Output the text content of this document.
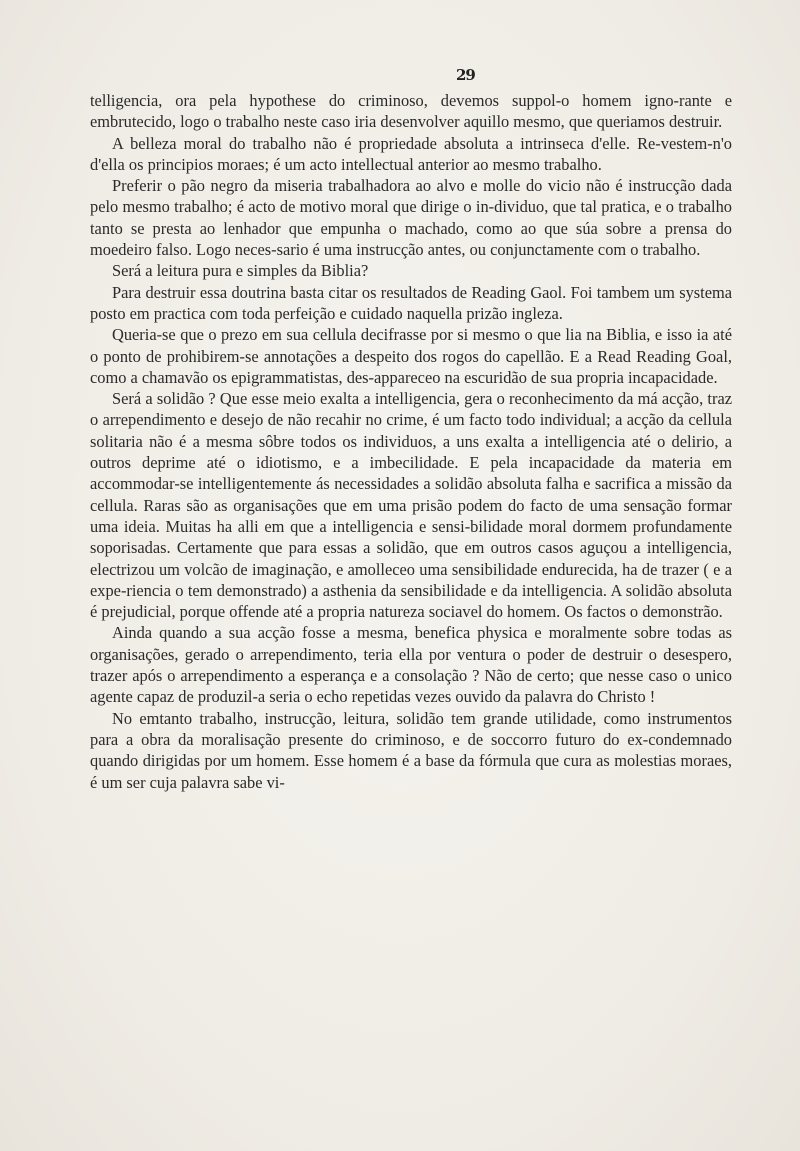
29

telligencia, ora pela hypothese do criminoso, devemos suppol-o homem igno-rante e embrutecido, logo o trabalho neste caso iria desenvolver aquillo mesmo, que queriamos destruir.

A belleza moral do trabalho não é propriedade absoluta a intrinseca d'elle. Re-vestem-n'o d'ella os principios moraes; é um acto intellectual anterior ao mesmo trabalho.

Preferir o pão negro da miseria trabalhadora ao alvo e molle do vicio não é instrucção dada pelo mesmo trabalho; é acto de motivo moral que dirige o in-dividuo, que tal pratica, e o trabalho tanto se presta ao lenhador que empunha o machado, como ao que súa sobre a prensa do moedeiro falso. Logo neces-sario é uma instrucção antes, ou conjunctamente com o trabalho.

Será a leitura pura e simples da Biblia?

Para destruir essa doutrina basta citar os resultados de Reading Gaol. Foi tambem um systema posto em practica com toda perfeição e cuidado naquella prizão ingleza.

Queria-se que o prezo em sua cellula decifrasse por si mesmo o que lia na Biblia, e isso ia até o ponto de prohibirem-se annotações a despeito dos rogos do capellão. E a Read Reading Goal, como a chamavão os epigrammatistas, des-appareceo na escuridão de sua propria incapacidade.

Será a solidão ? Que esse meio exalta a intelligencia, gera o reconhecimento da má acção, traz o arrependimento e desejo de não recahir no crime, é um facto todo individual; a acção da cellula solitaria não é a mesma sôbre todos os individuos, a uns exalta a intelligencia até o delirio, a outros deprime até o idiotismo, e a imbecilidade. E pela incapacidade da materia em accommodar-se intelligentemente ás necessidades a solidão absoluta falha e sacrifica a missão da cellula. Raras são as organisações que em uma prisão podem do facto de uma sensação formar uma ideia. Muitas ha alli em que a intelligencia e sensi-bilidade moral dormem profundamente soporisadas. Certamente que para essas a solidão, que em outros casos aguçou a intelligencia, electrizou um volcão de imaginação, e amolleceo uma sensibilidade endurecida, ha de trazer ( e a expe-riencia o tem demonstrado) a asthenia da sensibilidade e da intelligencia. A solidão absoluta é prejudicial, porque offende até a propria natureza sociavel do homem. Os factos o demonstrão.

Ainda quando a sua acção fosse a mesma, benefica physica e moralmente sobre todas as organisações, gerado o arrependimento, teria ella por ventura o poder de destruir o desespero, trazer após o arrependimento a esperança e a consolação ? Não de certo; que nesse caso o unico agente capaz de produzil-a seria o echo repetidas vezes ouvido da palavra do Christo !

No emtanto trabalho, instrucção, leitura, solidão tem grande utilidade, como instrumentos para a obra da moralisação presente do criminoso, e de soccorro futuro do ex-condemnado quando dirigidas por um homem. Esse homem é a base da fórmula que cura as molestias moraes, é um ser cuja palavra sabe vi-
